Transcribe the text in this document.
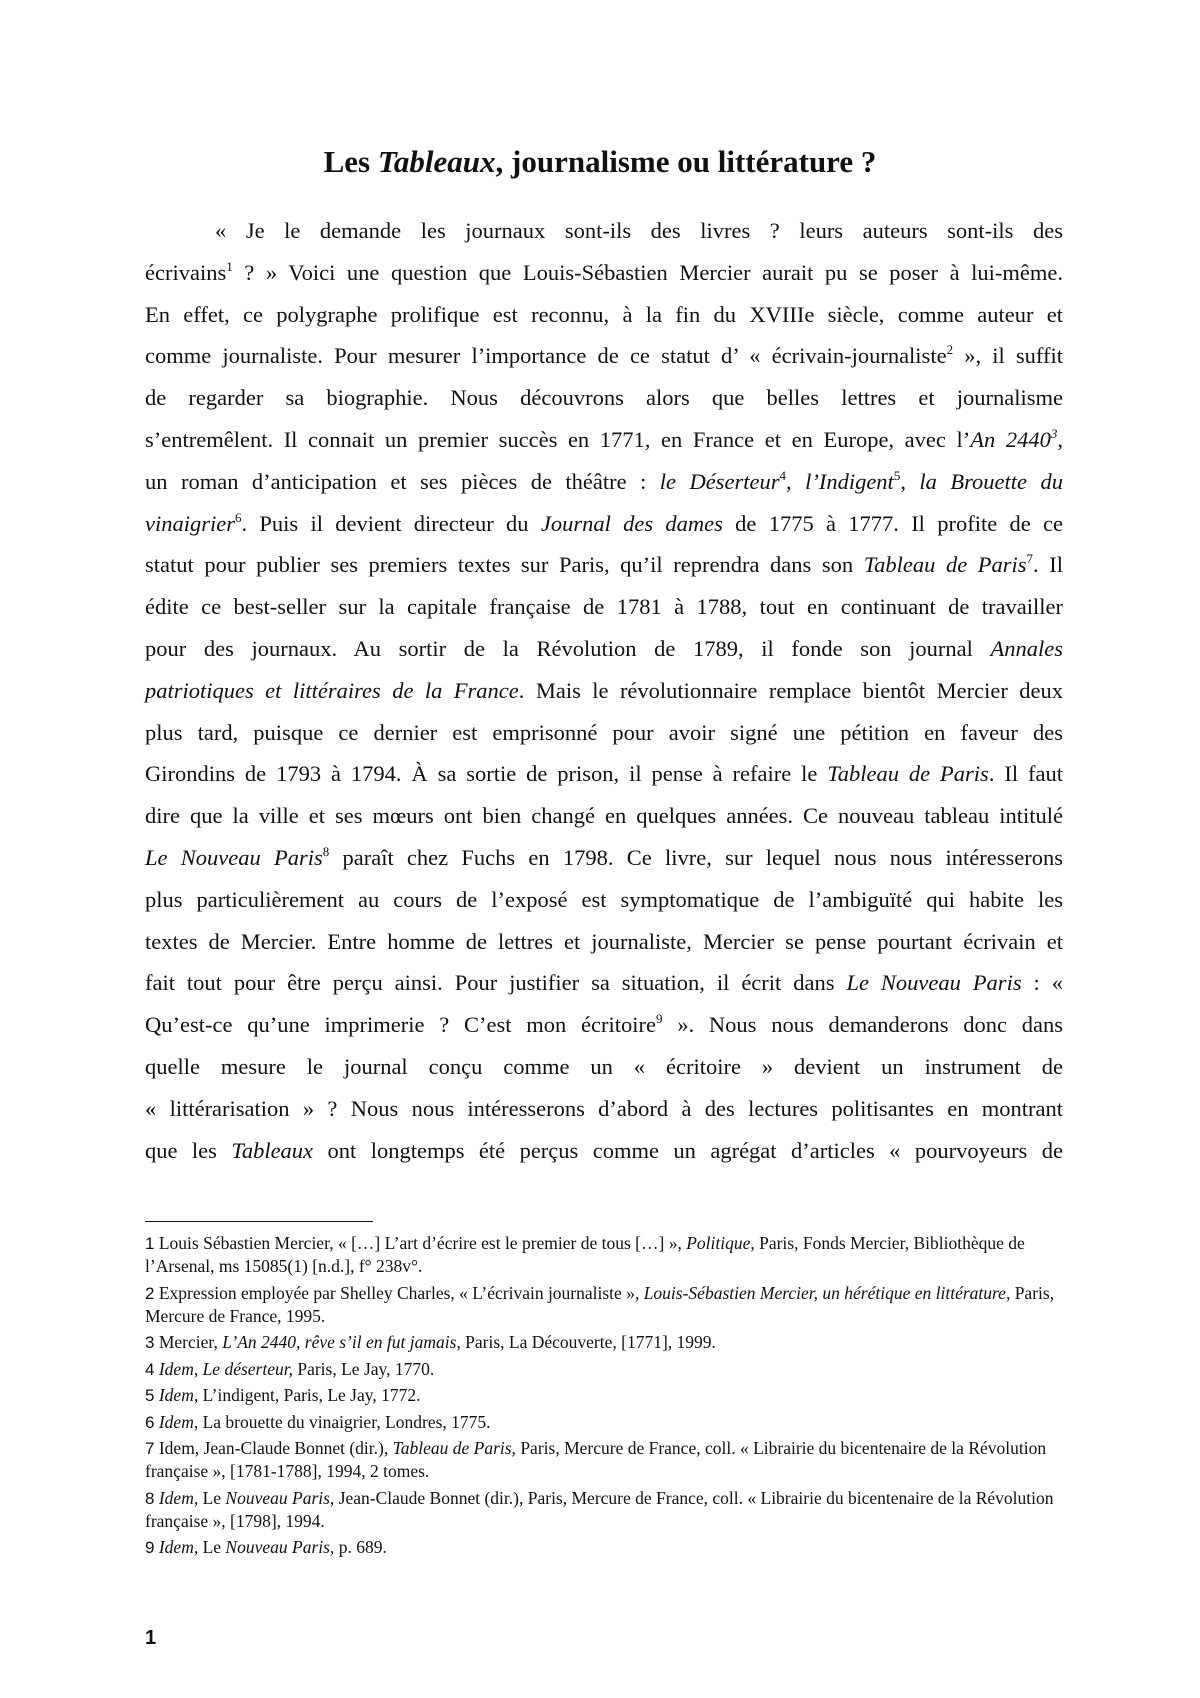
Les Tableaux, journalisme ou littérature ?
« Je le demande les journaux sont-ils des livres ? leurs auteurs sont-ils des
écrivains$^1$ ? » Voici une question que Louis-Sébastien Mercier aurait pu se poser à lui-même.
En effet, ce polygraphe prolifique est reconnu, à la fin du XVIIIe siècle, comme auteur et
comme journaliste. Pour mesurer l’importance de ce statut d’ « écrivain-journaliste$^2$ », il suffit
de regarder sa biographie. Nous découvrons alors que belles lettres et journalisme
s’entremêlent. Il connait un premier succès en 1771, en France et en Europe, avec l’An 2440$^3$,
un roman d’anticipation et ses pièces de théâtre : le Déserteur$^4$, l’Indigent$^5$, la Brouette du
vinaigrier$^6$. Puis il devient directeur du Journal des dames de 1775 à 1777. Il profite de ce
statut pour publier ses premiers textes sur Paris, qu’il reprendra dans son Tableau de Paris$^7$. Il
édite ce best-seller sur la capitale française de 1781 à 1788, tout en continuant de travailler
pour des journaux. Au sortir de la Révolution de 1789, il fonde son journal Annales
patriotiques et littéraires de la France. Mais le révolutionnaire remplace bientôt Mercier deux
plus tard, puisque ce dernier est emprisonné pour avoir signé une pétition en faveur des
Girondins de 1793 à 1794. À sa sortie de prison, il pense à refaire le Tableau de Paris. Il faut
dire que la ville et ses mœurs ont bien changé en quelques années. Ce nouveau tableau intitulé
Le Nouveau Paris$^8$ paraît chez Fuchs en 1798. Ce livre, sur lequel nous nous intéresserons
plus particulièrement au cours de l’exposé est symptomatique de l’ambiguïté qui habite les
textes de Mercier. Entre homme de lettres et journaliste, Mercier se pense pourtant écrivain et
fait tout pour être perçu ainsi. Pour justifier sa situation, il écrit dans Le Nouveau Paris : «
Qu’est-ce qu’une imprimerie ? C’est mon écritoire$^9$ ». Nous nous demanderons donc dans
quelle mesure le journal conçu comme un « écritoire » devient un instrument de
« littérarisation » ? Nous nous intéresserons d’abord à des lectures politisantes en montrant
que les Tableaux ont longtemps été perçus comme un agrégat d’articles « pourvoyeurs de

1 Louis Sébastien Mercier, « […] L’art d’écrire est le premier de tous […] », Politique, Paris, Fonds Mercier, Bibliothèque de l’Arsenal, ms 15085(1) [n.d.], f° 238v°.

2 Expression employée par Shelley Charles, « L’écrivain journaliste », Louis-Sébastien Mercier, un hérétique en littérature, Paris, Mercure de France, 1995.

3 Mercier, L’An 2440, rêve s’il en fut jamais, Paris, La Découverte, [1771], 1999.

4 Idem, Le déserteur, Paris, Le Jay, 1770.

5 Idem, L’indigent, Paris, Le Jay, 1772.

6 Idem, La brouette du vinaigrier, Londres, 1775.

7 Idem, Jean-Claude Bonnet (dir.), Tableau de Paris, Paris, Mercure de France, coll. « Librairie du bicentenaire de la Révolution française », [1781-1788], 1994, 2 tomes.

8 Idem, Le Nouveau Paris, Jean-Claude Bonnet (dir.), Paris, Mercure de France, coll. « Librairie du bicentenaire de la Révolution française », [1798], 1994.

9 Idem, Le Nouveau Paris, p. 689.

1
